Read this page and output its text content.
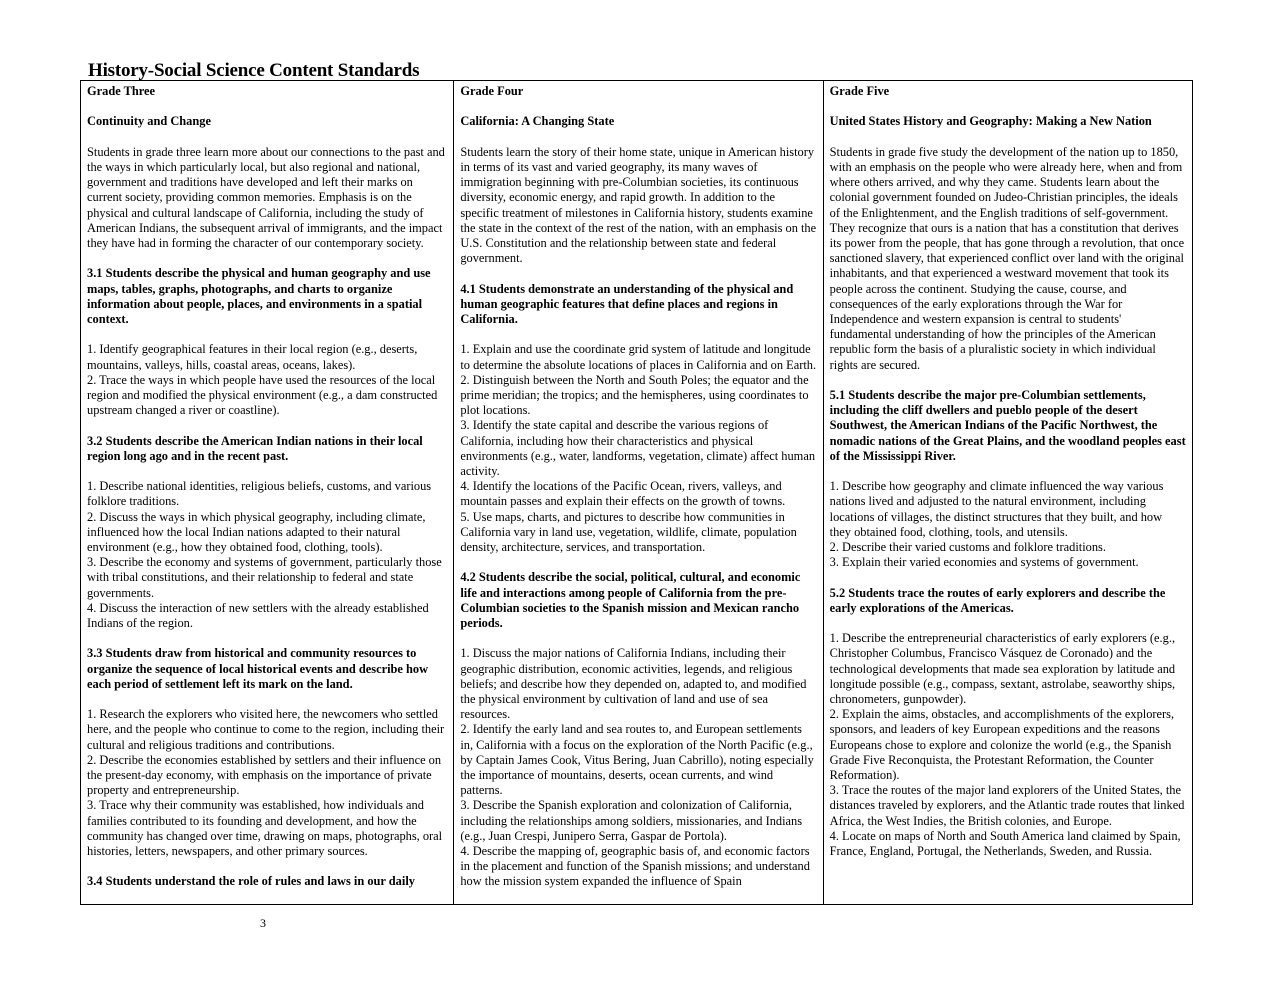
History-Social Science Content Standards

Grade Three

Continuity and Change

Students in grade three learn more about our connections to the past and the ways in which particularly local, but also regional and national, government and traditions have developed and left their marks on current society, providing common memories. Emphasis is on the physical and cultural landscape of California, including the study of American Indians, the subsequent arrival of immigrants, and the impact they have had in forming the character of our contemporary society.

3.1 Students describe the physical and human geography and use maps, tables, graphs, photographs, and charts to organize information about people, places, and environments in a spatial context.

1. Identify geographical features in their local region (e.g., deserts, mountains, valleys, hills, coastal areas, oceans, lakes).

2. Trace the ways in which people have used the resources of the local region and modified the physical environment (e.g., a dam constructed upstream changed a river or coastline).

3.2 Students describe the American Indian nations in their local region long ago and in the recent past.

1. Describe national identities, religious beliefs, customs, and various folklore traditions.

2. Discuss the ways in which physical geography, including climate, influenced how the local Indian nations adapted to their natural environment (e.g., how they obtained food, clothing, tools).

3. Describe the economy and systems of government, particularly those with tribal constitutions, and their relationship to federal and state governments.

4. Discuss the interaction of new settlers with the already established Indians of the region.

3.3 Students draw from historical and community resources to organize the sequence of local historical events and describe how each period of settlement left its mark on the land.

1. Research the explorers who visited here, the newcomers who settled here, and the people who continue to come to the region, including their cultural and religious traditions and contributions.

2. Describe the economies established by settlers and their influence on the present-day economy, with emphasis on the importance of private property and entrepreneurship.

3. Trace why their community was established, how individuals and families contributed to its founding and development, and how the community has changed over time, drawing on maps, photographs, oral histories, letters, newspapers, and other primary sources.

3.4 Students understand the role of rules and laws in our daily

Grade Four

California: A Changing State

Students learn the story of their home state, unique in American history in terms of its vast and varied geography, its many waves of immigration beginning with pre-Columbian societies, its continuous diversity, economic energy, and rapid growth. In addition to the specific treatment of milestones in California history, students examine the state in the context of the rest of the nation, with an emphasis on the U.S. Constitution and the relationship between state and federal government.

4.1 Students demonstrate an understanding of the physical and human geographic features that define places and regions in California.

1. Explain and use the coordinate grid system of latitude and longitude to determine the absolute locations of places in California and on Earth.

2. Distinguish between the North and South Poles; the equator and the prime meridian; the tropics; and the hemispheres, using coordinates to plot locations.

3. Identify the state capital and describe the various regions of California, including how their characteristics and physical environments (e.g., water, landforms, vegetation, climate) affect human activity.

4. Identify the locations of the Pacific Ocean, rivers, valleys, and mountain passes and explain their effects on the growth of towns.

5. Use maps, charts, and pictures to describe how communities in California vary in land use, vegetation, wildlife, climate, population density, architecture, services, and transportation.

4.2 Students describe the social, political, cultural, and economic life and interactions among people of California from the pre-Columbian societies to the Spanish mission and Mexican rancho periods.

1. Discuss the major nations of California Indians, including their geographic distribution, economic activities, legends, and religious beliefs; and describe how they depended on, adapted to, and modified the physical environment by cultivation of land and use of sea resources.

2. Identify the early land and sea routes to, and European settlements in, California with a focus on the exploration of the North Pacific (e.g., by Captain James Cook, Vitus Bering, Juan Cabrillo), noting especially the importance of mountains, deserts, ocean currents, and wind patterns.

3. Describe the Spanish exploration and colonization of California, including the relationships among soldiers, missionaries, and Indians (e.g., Juan Crespi, Junipero Serra, Gaspar de Portola).

4. Describe the mapping of, geographic basis of, and economic factors in the placement and function of the Spanish missions; and understand how the mission system expanded the influence of Spain

Grade Five

United States History and Geography: Making a New Nation

Students in grade five study the development of the nation up to 1850, with an emphasis on the people who were already here, when and from where others arrived, and why they came. Students learn about the colonial government founded on Judeo-Christian principles, the ideals of the Enlightenment, and the English traditions of self-government. They recognize that ours is a nation that has a constitution that derives its power from the people, that has gone through a revolution, that once sanctioned slavery, that experienced conflict over land with the original inhabitants, and that experienced a westward movement that took its people across the continent. Studying the cause, course, and consequences of the early explorations through the War for Independence and western expansion is central to students' fundamental understanding of how the principles of the American republic form the basis of a pluralistic society in which individual rights are secured.

5.1 Students describe the major pre-Columbian settlements, including the cliff dwellers and pueblo people of the desert Southwest, the American Indians of the Pacific Northwest, the nomadic nations of the Great Plains, and the woodland peoples east of the Mississippi River.

1. Describe how geography and climate influenced the way various nations lived and adjusted to the natural environment, including locations of villages, the distinct structures that they built, and how they obtained food, clothing, tools, and utensils.

2. Describe their varied customs and folklore traditions.

3. Explain their varied economies and systems of government.

5.2 Students trace the routes of early explorers and describe the early explorations of the Americas.

1. Describe the entrepreneurial characteristics of early explorers (e.g., Christopher Columbus, Francisco Vásquez de Coronado) and the technological developments that made sea exploration by latitude and longitude possible (e.g., compass, sextant, astrolabe, seaworthy ships, chronometers, gunpowder).

2. Explain the aims, obstacles, and accomplishments of the explorers, sponsors, and leaders of key European expeditions and the reasons Europeans chose to explore and colonize the world (e.g., the Spanish Grade Five Reconquista, the Protestant Reformation, the Counter Reformation).

3. Trace the routes of the major land explorers of the United States, the distances traveled by explorers, and the Atlantic trade routes that linked Africa, the West Indies, the British colonies, and Europe.

4. Locate on maps of North and South America land claimed by Spain, France, England, Portugal, the Netherlands, Sweden, and Russia.

3
